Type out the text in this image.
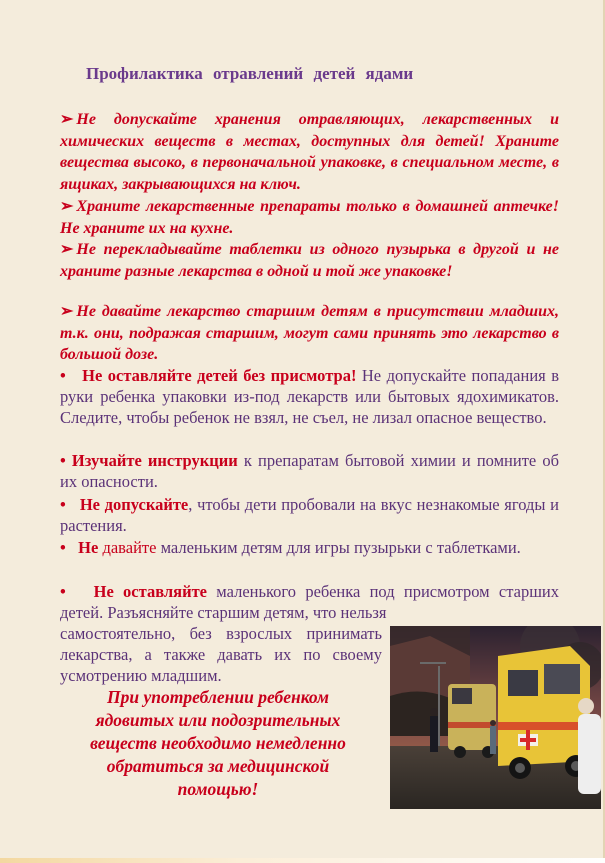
Профилактика отравлений детей ядами

➢ Не допускайте хранения отравляющих, лекарственных и химических веществ в местах, доступных для детей! Храните вещества высоко, в первоначальной упаковке, в специальном месте, в ящиках, закрывающихся на ключ.

➢ Храните лекарственные препараты только в домашней аптечке! Не храните их на кухне.

➢ Не перекладывайте таблетки из одного пузырька в другой и не храните разные лекарства в одной и той же упаковке!

➢ Не давайте лекарство старшим детям в присутствии младших, т.к. они, подражая старшим, могут сами принять это лекарство в большой дозе.

• Не оставляйте детей без присмотра! Не допускайте попадания в руки ребенка упаковки из-под лекарств или бытовых ядохимикатов. Следите, чтобы ребенок не взял, не съел, не лизал опасное вещество.

• Изучайте инструкции к препаратам бытовой химии и помните об их опасности.

• Не допускайте, чтобы дети пробовали на вкус незнакомые ягоды и растения.

• Не давайте маленьким детям для игры пузырьки с таблетками.

• Не оставляйте маленького ребенка под присмотром старших детей. Разъясняйте старшим детям, что нельзя

самостоятельно, без взрослых принимать лекарства, а также давать их по своему усмотрению младшим.

При употреблении ребенком ядовитых или подозрительных веществ необходимо немедленно обратиться за медицинской помощью!
